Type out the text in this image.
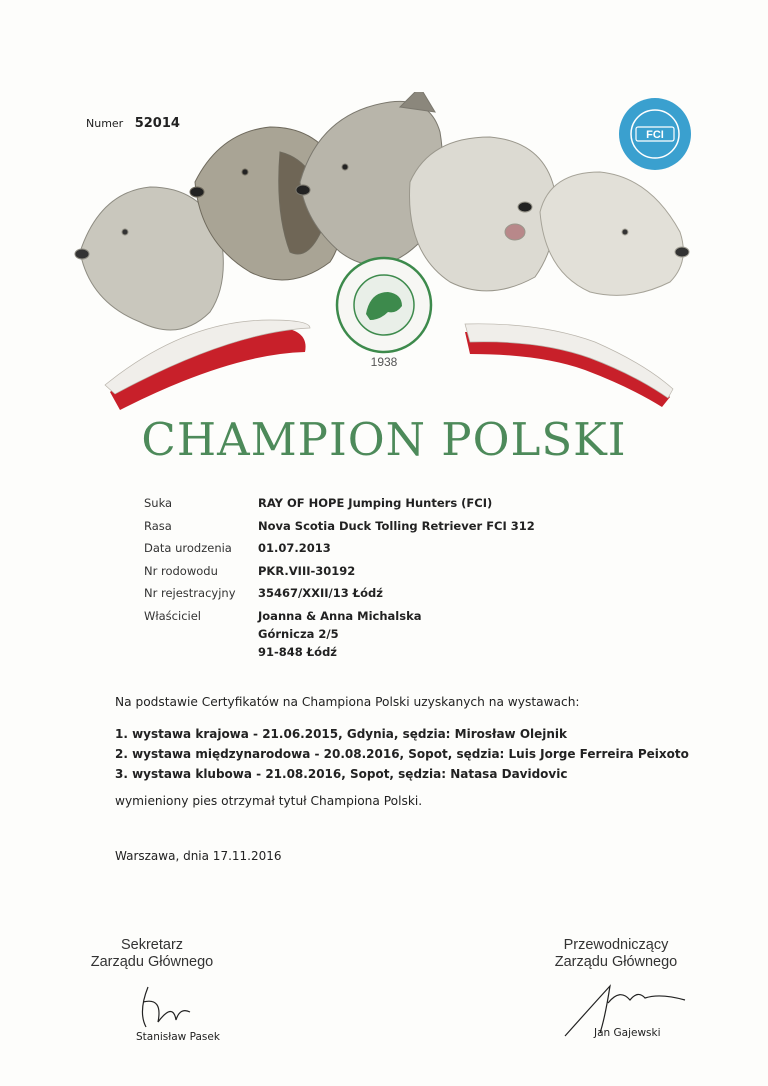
Numer 52014
1938
FCI
CHAMPION POLSKI
Suka	RAY OF HOPE Jumping Hunters (FCI)
Rasa	Nova Scotia Duck Tolling Retriever FCI 312
Data urodzenia	01.07.2013
Nr rodowodu	PKR.VIII-30192
Nr rejestracyjny	35467/XXII/13 Łódź
Właściciel	Joanna & Anna Michalska
Górnicza 2/5
91-848 Łódź
Na podstawie Certyfikatów na Championa Polski uzyskanych na wystawach:
1. wystawa krajowa - 21.06.2015, Gdynia, sędzia: Mirosław Olejnik
2. wystawa międzynarodowa - 20.08.2016, Sopot, sędzia: Luis Jorge Ferreira Peixoto
3. wystawa klubowa - 21.08.2016, Sopot, sędzia: Natasa Davidovic
wymieniony pies otrzymał tytuł Championa Polski.
Warszawa, dnia 17.11.2016
Sekretarz
Zarządu Głównego
Stanisław Pasek
Przewodniczący
Zarządu Głównego
Jan Gajewski
